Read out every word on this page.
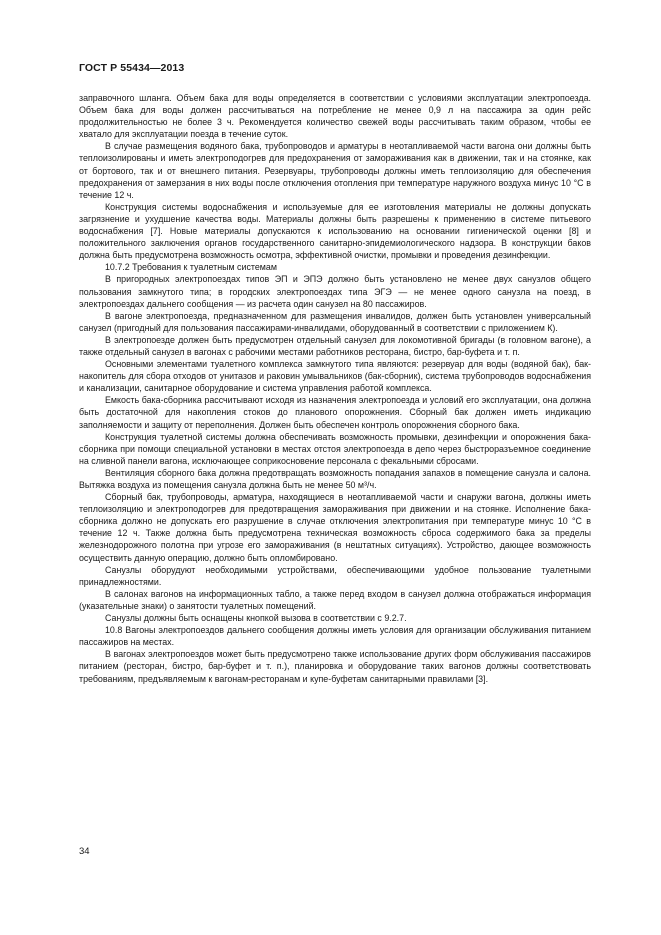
ГОСТ Р 55434—2013

заправочного шланга. Объем бака для воды определяется в соответствии с условиями эксплуатации электропоезда. Объем бака для воды должен рассчитываться на потребление не менее 0,9 л на пассажира за один рейс продолжительностью не более 3 ч. Рекомендуется количество свежей воды рассчитывать таким образом, чтобы ее хватало для эксплуатации поезда в течение суток.

В случае размещения водяного бака, трубопроводов и арматуры в неотапливаемой части вагона они должны быть теплоизолированы и иметь электроподогрев для предохранения от замораживания как в движении, так и на стоянке, как от бортового, так и от внешнего питания. Резервуары, трубопроводы должны иметь теплоизоляцию для обеспечения предохранения от замерзания в них воды после отключения отопления при температуре наружного воздуха минус 10 °С в течение 12 ч.

Конструкция системы водоснабжения и используемые для ее изготовления материалы не должны допускать загрязнение и ухудшение качества воды. Материалы должны быть разрешены к применению в системе питьевого водоснабжения [7]. Новые материалы допускаются к использованию на основании гигиенической оценки [8] и положительного заключения органов государственного санитарно-эпидемиологического надзора. В конструкции баков должна быть предусмотрена возможность осмотра, эффективной очистки, промывки и проведения дезинфекции.

10.7.2 Требования к туалетным системам

В пригородных электропоездах типов ЭП и ЭПЭ должно быть установлено не менее двух санузлов общего пользования замкнутого типа; в городских электропоездах типа ЭГЭ — не менее одного санузла на поезд, в электропоездах дальнего сообщения — из расчета один санузел на 80 пассажиров.

В вагоне электропоезда, предназначенном для размещения инвалидов, должен быть установлен универсальный санузел (пригодный для пользования пассажирами-инвалидами, оборудованный в соответствии с приложением К).

В электропоезде должен быть предусмотрен отдельный санузел для локомотивной бригады (в головном вагоне), а также отдельный санузел в вагонах с рабочими местами работников ресторана, бистро, бар-буфета и т. п.

Основными элементами туалетного комплекса замкнутого типа являются: резервуар для воды (водяной бак), бак-накопитель для сбора отходов от унитазов и раковин умывальников (бак-сборник), система трубопроводов водоснабжения и канализации, санитарное оборудование и система управления работой комплекса.

Емкость бака-сборника рассчитывают исходя из назначения электропоезда и условий его эксплуатации, она должна быть достаточной для накопления стоков до планового опорожнения. Сборный бак должен иметь индикацию заполняемости и защиту от переполнения. Должен быть обеспечен контроль опорожнения сборного бака.

Конструкция туалетной системы должна обеспечивать возможность промывки, дезинфекции и опорожнения бака-сборника при помощи специальной установки в местах отстоя электропоезда в депо через быстроразъемное соединение на сливной панели вагона, исключающее соприкосновение персонала с фекальными сбросами.

Вентиляция сборного бака должна предотвращать возможность попадания запахов в помещение санузла и салона. Вытяжка воздуха из помещения санузла должна быть не менее 50 м³/ч.

Сборный бак, трубопроводы, арматура, находящиеся в неотапливаемой части и снаружи вагона, должны иметь теплоизоляцию и электроподогрев для предотвращения замораживания при движении и на стоянке. Исполнение бака-сборника должно не допускать его разрушение в случае отключения электропитания при температуре минус 10 °С в течение 12 ч. Также должна быть предусмотрена техническая возможность сброса содержимого бака за пределы железнодорожного полотна при угрозе его замораживания (в нештатных ситуациях). Устройство, дающее возможность осуществить данную операцию, должно быть опломбировано.

Санузлы оборудуют необходимыми устройствами, обеспечивающими удобное пользование туалетными принадлежностями.

В салонах вагонов на информационных табло, а также перед входом в санузел должна отображаться информация (указательные знаки) о занятости туалетных помещений.

Санузлы должны быть оснащены кнопкой вызова в соответствии с 9.2.7.

10.8 Вагоны электропоездов дальнего сообщения должны иметь условия для организации обслуживания питанием пассажиров на местах.

В вагонах электропоездов может быть предусмотрено также использование других форм обслуживания пассажиров питанием (ресторан, бистро, бар-буфет и т. п.), планировка и оборудование таких вагонов должны соответствовать требованиям, предъявляемым к вагонам-ресторанам и купе-буфетам санитарными правилами [3].

34
